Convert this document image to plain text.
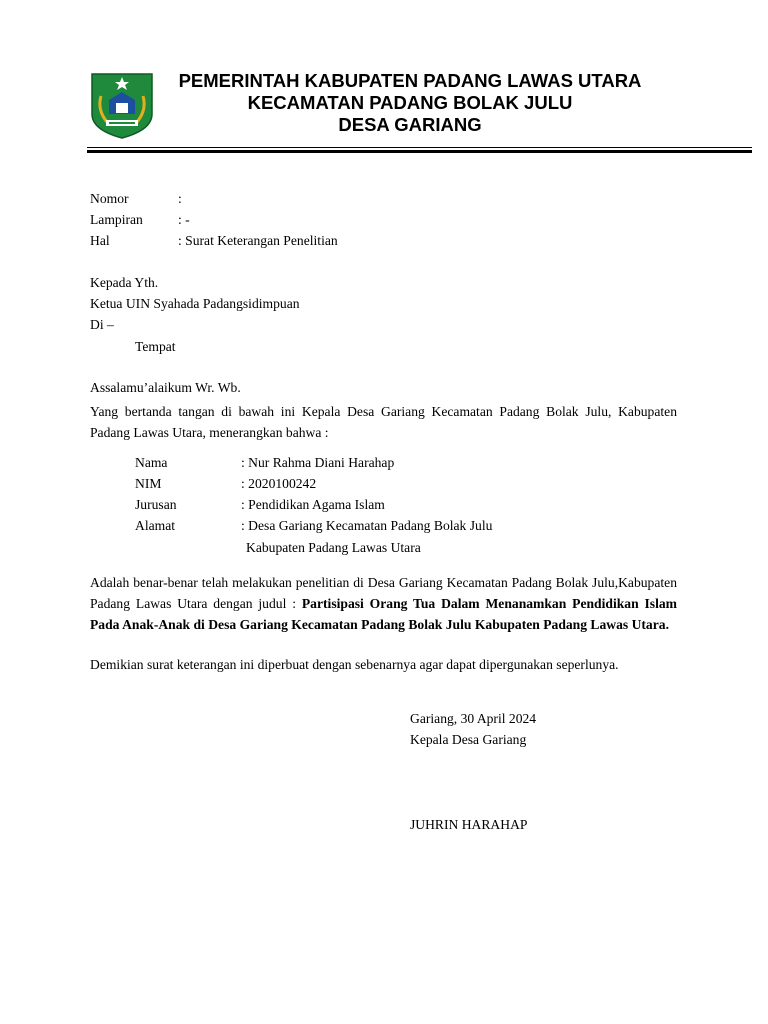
PEMERINTAH KABUPATEN PADANG LAWAS UTARA
KECAMATAN PADANG BOLAK JULU
DESA GARIANG
Nomor	:
Lampiran	: -
Hal	: Surat Keterangan Penelitian
Kepada Yth.
Ketua UIN Syahada Padangsidimpuan
Di –
Tempat
Assalamu’alaikum Wr. Wb.
Yang bertanda tangan di bawah ini Kepala Desa Gariang Kecamatan Padang Bolak Julu, Kabupaten Padang Lawas Utara, menerangkan bahwa :
Nama	: Nur Rahma Diani Harahap
NIM	: 2020100242
Jurusan	: Pendidikan Agama Islam
Alamat	: Desa Gariang Kecamatan Padang Bolak Julu
Kabupaten Padang Lawas Utara
Adalah benar-benar telah melakukan penelitian di Desa Gariang Kecamatan Padang Bolak Julu,Kabupaten Padang Lawas Utara dengan judul : Partisipasi Orang Tua Dalam Menanamkan Pendidikan Islam Pada Anak-Anak di Desa Gariang Kecamatan Padang Bolak Julu Kabupaten Padang Lawas Utara.
Demikian surat keterangan ini diperbuat dengan sebenarnya agar dapat dipergunakan seperlunya.
Gariang, 30 April 2024
Kepala Desa Gariang
JUHRIN HARAHAP
